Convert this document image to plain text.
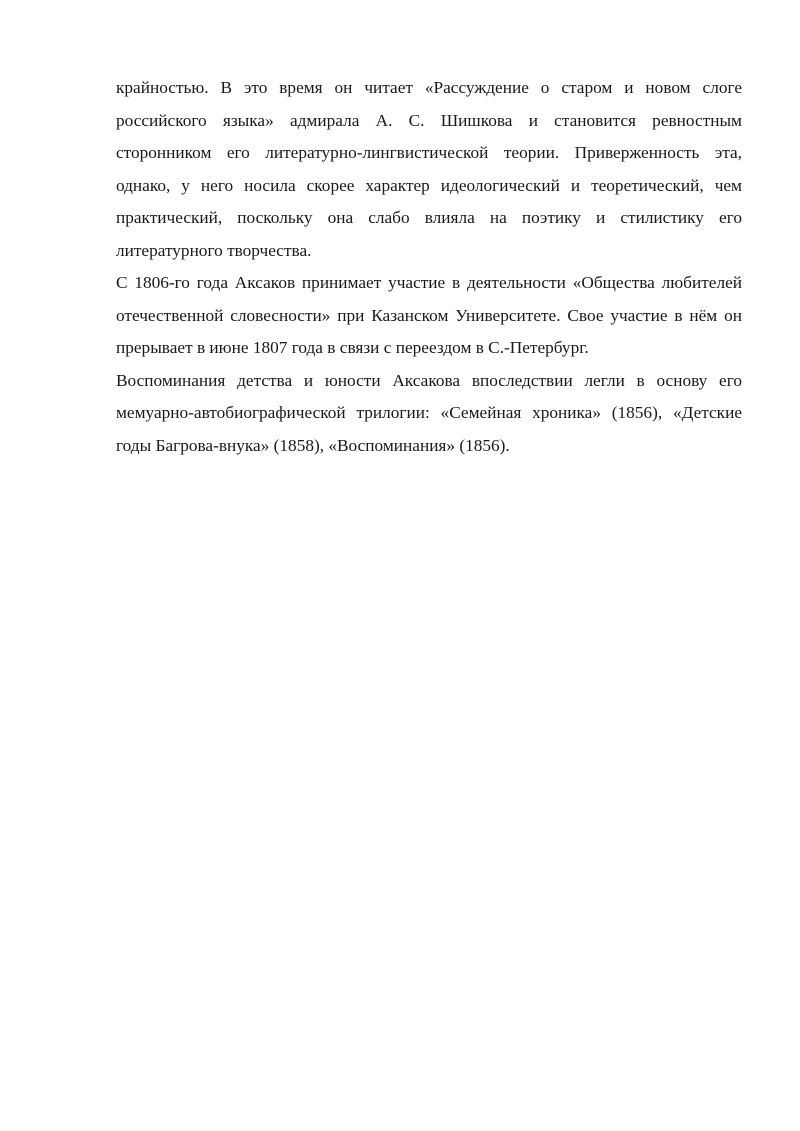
крайностью. В это время он читает «Рассуждение о старом и новом слоге российского языка» адмирала А. С. Шишкова и становится ревностным сторонником его литературно-лингвистической теории. Приверженность эта, однако, у него носила скорее характер идеологический и теоретический, чем практический, поскольку она слабо влияла на поэтику и стилистику его литературного творчества.

С 1806-го года Аксаков принимает участие в деятельности «Общества любителей отечественной словесности» при Казанском Университете. Свое участие в нём он прерывает в июне 1807 года в связи с переездом в С.-Петербург.

Воспоминания детства и юности Аксакова впоследствии легли в основу его мемуарно-автобиографической трилогии: «Семейная хроника» (1856), «Детские годы Багрова-внука» (1858), «Воспоминания» (1856).
